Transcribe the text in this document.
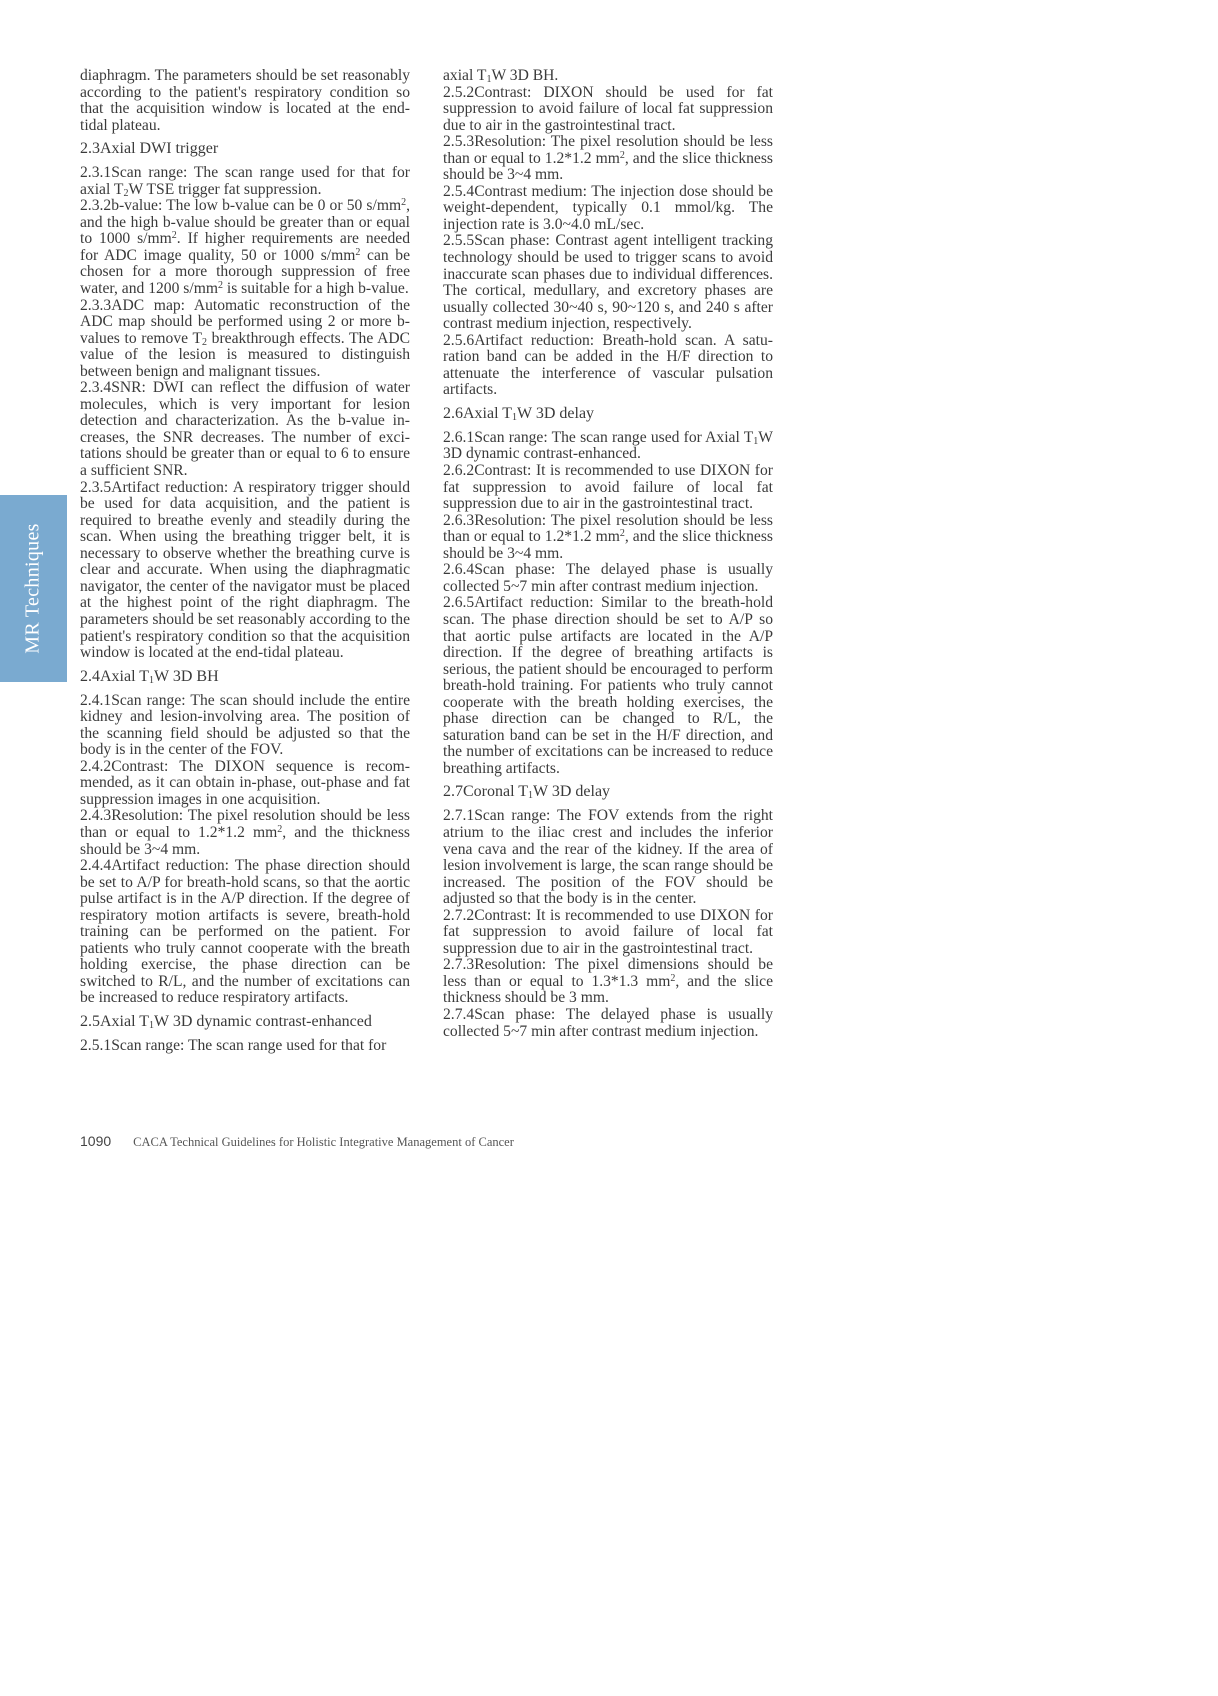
MR Techniques

diaphragm. The parameters should be set reasonably according to the patient's respiratory condition so that the acquisition window is located at the end-tidal plateau.

2.3Axial DWI trigger

2.3.1Scan range: The scan range used for that for axial $T_2W$ TSE trigger fat suppression.

2.3.2b-value: The low b-value can be 0 or 50 $s/mm^2$, and the high b-value should be greater than or equal to 1000 $s/mm^2$. If higher requirements are needed for ADC image quality, 50 or 1000 $s/mm^2$ can be chosen for a more thorough suppression of free water, and 1200 $s/mm^2$ is suitable for a high b-value.

2.3.3ADC map: Automatic reconstruction of the ADC map should be performed using 2 or more b-values to remove $T_2$ breakthrough effects. The ADC value of the lesion is measured to distinguish between benign and malignant tissues.

2.3.4SNR: DWI can reflect the diffusion of water molecules, which is very important for lesion detection and characterization. As the b-value increases, the SNR decreases. The number of excitations should be greater than or equal to 6 to ensure a sufficient SNR.

2.3.5Artifact reduction: A respiratory trigger should be used for data acquisition, and the patient is required to breathe evenly and steadily during the scan. When using the breathing trigger belt, it is necessary to observe whether the breathing curve is clear and accurate. When using the diaphragmatic navigator, the center of the navigator must be placed at the highest point of the right diaphragm. The parameters should be set reasonably according to the patient's respiratory condition so that the acquisition window is located at the end-tidal plateau.

2.4Axial $T_1W$ 3D BH

2.4.1Scan range: The scan should include the entire kidney and lesion-involving area. The position of the scanning field should be adjusted so that the body is in the center of the FOV.

2.4.2Contrast: The DIXON sequence is recommended, as it can obtain in-phase, out-phase and fat suppression images in one acquisition.

2.4.3Resolution: The pixel resolution should be less than or equal to 1.2*1.2 $mm^2$, and the thickness should be 3~4 mm.

2.4.4Artifact reduction: The phase direction should be set to A/P for breath-hold scans, so that the aortic pulse artifact is in the A/P direction. If the degree of respiratory motion artifacts is severe, breath-hold training can be performed on the patient. For patients who truly cannot cooperate with the breath holding exercise, the phase direction can be switched to R/L, and the number of excitations can be increased to reduce respiratory artifacts.

2.5Axial $T_1W$ 3D dynamic contrast-enhanced

2.5.1Scan range: The scan range used for that for

axial $T_1W$ 3D BH.

2.5.2Contrast: DIXON should be used for fat suppression to avoid failure of local fat suppression due to air in the gastrointestinal tract.

2.5.3Resolution: The pixel resolution should be less than or equal to 1.2*1.2 $mm^2$, and the slice thickness should be 3~4 mm.

2.5.4Contrast medium: The injection dose should be weight-dependent, typically 0.1 mmol/kg. The injection rate is 3.0~4.0 mL/sec.

2.5.5Scan phase: Contrast agent intelligent tracking technology should be used to trigger scans to avoid inaccurate scan phases due to individual differences. The cortical, medullary, and excretory phases are usually collected 30~40 s, 90~120 s, and 240 s after contrast medium injection, respectively.

2.5.6Artifact reduction: Breath-hold scan. A saturation band can be added in the H/F direction to attenuate the interference of vascular pulsation artifacts.

2.6Axial $T_1W$ 3D delay

2.6.1Scan range: The scan range used for Axial $T_1W$ 3D dynamic contrast-enhanced.

2.6.2Contrast: It is recommended to use DIXON for fat suppression to avoid failure of local fat suppression due to air in the gastrointestinal tract.

2.6.3Resolution: The pixel resolution should be less than or equal to 1.2*1.2 $mm^2$, and the slice thickness should be 3~4 mm.

2.6.4Scan phase: The delayed phase is usually collected 5~7 min after contrast medium injection.

2.6.5Artifact reduction: Similar to the breath-hold scan. The phase direction should be set to A/P so that aortic pulse artifacts are located in the A/P direction. If the degree of breathing artifacts is serious, the patient should be encouraged to perform breath-hold training. For patients who truly cannot cooperate with the breath holding exercises, the phase direction can be changed to R/L, the saturation band can be set in the H/F direction, and the number of excitations can be increased to reduce breathing artifacts.

2.7Coronal $T_1W$ 3D delay

2.7.1Scan range: The FOV extends from the right atrium to the iliac crest and includes the inferior vena cava and the rear of the kidney. If the area of lesion involvement is large, the scan range should be increased. The position of the FOV should be adjusted so that the body is in the center.

2.7.2Contrast: It is recommended to use DIXON for fat suppression to avoid failure of local fat suppression due to air in the gastrointestinal tract.

2.7.3Resolution: The pixel dimensions should be less than or equal to 1.3*1.3 $mm^2$, and the slice thickness should be 3 mm.

2.7.4Scan phase: The delayed phase is usually collected 5~7 min after contrast medium injection.

1090 CACA Technical Guidelines for Holistic Integrative Management of Cancer
